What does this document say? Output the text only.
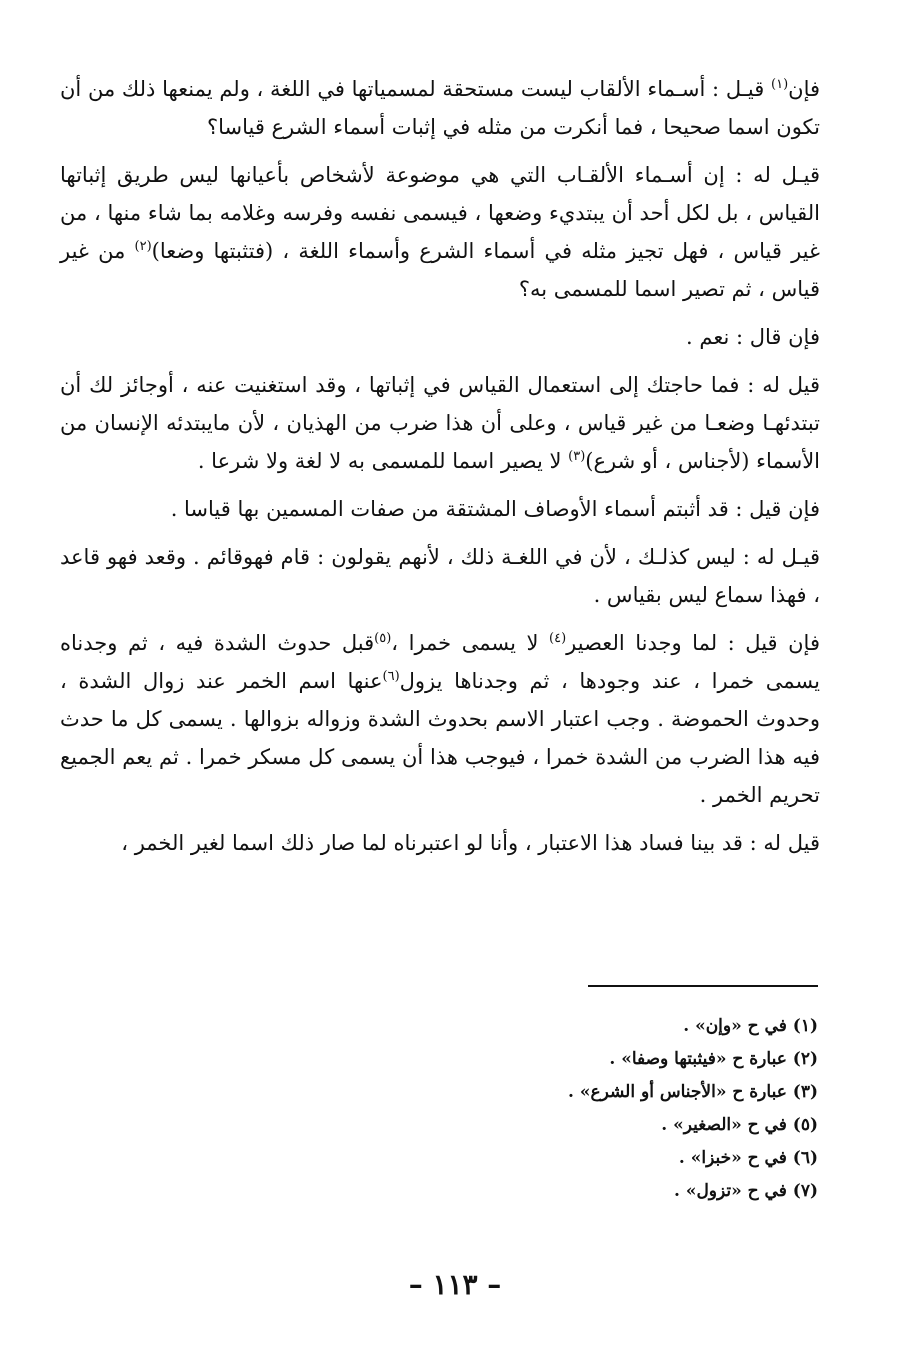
فإن$^{(١)}$ قيـل : أسـماء الألقاب ليست مستحقة لمسمياتها في اللغة ، ولم يمنعها ذلك من أن تكون اسما صحيحا ، فما أنكرت من مثله في إثبات أسماء الشرع قياسا؟

قيـل له : إن أسـماء الألقـاب التي هي موضوعة لأشخاص بأعيانها ليس طريق إثباتها القياس ، بل لكل أحد أن يبتديء وضعها ، فيسمى نفسه وفرسه وغلامه بما شاء منها ، من غير قياس ، فهل تجيز مثله في أسماء الشرع وأسماء اللغة ، (فتثبتها وضعا)$^{(٢)}$ من غير قياس ، ثم تصير اسما للمسمى به؟

فإن قال : نعم .

قيل له : فما حاجتك إلى استعمال القياس في إثباتها ، وقد استغنيت عنه ، أوجائز لك أن تبتدئهـا وضعـا من غير قياس ، وعلى أن هذا ضرب من الهذيان ، لأن مايبتدئه الإنسان من الأسماء (لأجناس ، أو شرع)$^{(٣)}$ لا يصير اسما للمسمى به لا لغة ولا شرعا .

فإن قيل : قد أثبتم أسماء الأوصاف المشتقة من صفات المسمين بها قياسا .

قيـل له : ليس كذلـك ، لأن في اللغـة ذلك ، لأنهم يقولون : قام فهوقائم . وقعد فهو قاعد ، فهذا سماع ليس بقياس .

فإن قيل : لما وجدنا العصير$^{(٤)}$ لا يسمى خمرا ،$^{(٥)}$قبل حدوث الشدة فيه ، ثم وجدناه يسمى خمرا ، عند وجودها ، ثم وجدناها يزول$^{(٦)}$عنها اسم الخمر عند زوال الشدة ، وحدوث الحموضة . وجب اعتبار الاسم بحدوث الشدة وزواله بزوالها . يسمى كل ما حدث فيه هذا الضرب من الشدة خمرا ، فيوجب هذا أن يسمى كل مسكر خمرا . ثم يعم الجميع تحريم الخمر .

قيل له : قد بينا فساد هذا الاعتبار ، وأنا لو اعتبرناه لما صار ذلك اسما لغير الخمر ،

(١) في ح «وإن» .
(٢) عبارة ح «فيثبتها وصفا» .
(٣) عبارة ح «الأجناس أو الشرع» .
(٥) في ح «الصغير» .
(٦) في ح «خبزا» .
(٧) في ح «تزول» .
– ١١٣ –
